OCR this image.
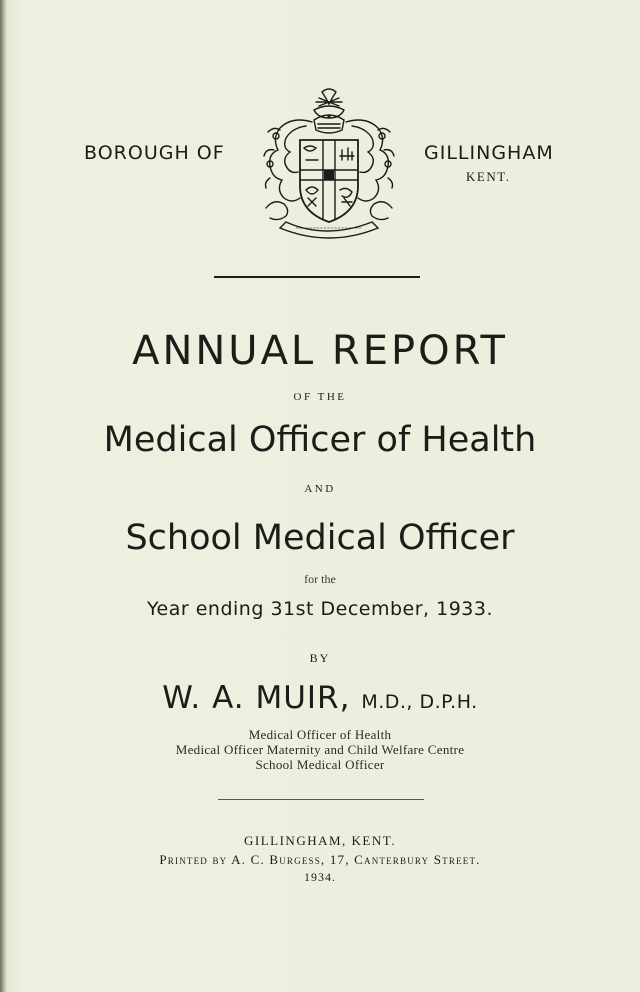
BOROUGH OF	GILLINGHAM
KENT.
ANNUAL REPORT
OF THE
Medical Officer of Health
AND
School Medical Officer
for the
Year ending 31st December, 1933.
BY
W. A. MUIR, M.D., D.P.H.
Medical Officer of Health
Medical Officer Maternity and Child Welfare Centre
School Medical Officer
GILLINGHAM, KENT.
Printed by A. C. Burgess, 17, Canterbury Street.
1934.
